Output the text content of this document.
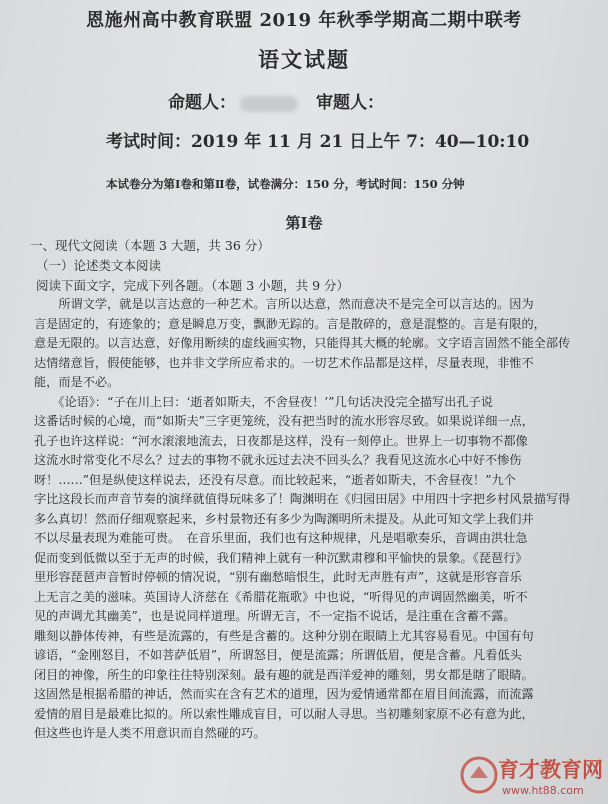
恩施州高中教育联盟 2019 年秋季学期高二期中联考
语文试题
命题人：	审题人：
考试时间：2019 年 11 月 21 日上午 7：40—10:10
本试卷分为第Ⅰ卷和第Ⅱ卷，试卷满分：150 分，考试时间：150 分钟
第Ⅰ卷
一、现代文阅读（本题 3 大题，共 36 分）
（一）论述类文本阅读
阅读下面文字，完成下列各题。（本题 3 小题，共 9 分）
　　所谓文学，就是以言达意的一种艺术。言所以达意，然而意决不是完全可以言达的。因为
言是固定的，有迹象的；意是瞬息万变，飘渺无踪的。言是散碎的，意是混整的。言是有限的，
意是无限的。以言达意，好像用断续的虚线画实物，只能得其大概的轮廓。文字语言固然不能全部传
达情绪意旨，假使能够，也并非文学所应希求的。一切艺术作品都是这样，尽量表现，非惟不
能，而是不必。
　　《论语》：“子在川上曰：‘逝者如斯夫，不舍昼夜！’”几句话决没完全描写出孔子说
这番话时候的心境，而“如斯夫”三字更笼统，没有把当时的流水形容尽致。如果说详细一点，
孔子也许这样说：“河水滚滚地流去，日夜都是这样，没有一刻停止。世界上一切事物不都像
这流水时常变化不尽么？过去的事物不就永远过去决不回头么？我看见这流水心中好不惨伤
呀！……”但是纵使这样说去，还没有尽意。而比较起来，“逝者如斯夫，不舍昼夜！”九个
字比这段长而声音节奏的演绎就值得玩味多了！陶渊明在《归园田居》中用四十字把乡村风景描写得
多么真切！然而仔细观察起来，乡村景物还有多少为陶渊明所未提及。从此可知文学上我们并
不以尽量表现为难能可贵。　在音乐里面，我们也有这种规律，凡是唱歌奏乐，音调由洪壮急
促而变到低微以至于无声的时候，我们精神上就有一种沉默肃穆和平愉快的景象。《琵琶行》
里形容琵琶声音暂时停顿的情况说，“别有幽愁暗恨生，此时无声胜有声”，这就是形容音乐
上无言之美的滋味。英国诗人济慈在《希腊花瓶歌》中也说，“听得见的声调固然幽美，听不
见的声调尤其幽美”，也是说同样道理。所谓无言，不一定指不说话，是注重在含蓄不露。
雕刻以静体传神，有些是流露的，有些是含蓄的。这种分别在眼睛上尤其容易看见。中国有句
谚语，“金刚怒目，不如菩萨低眉”，所谓怒目，便是流露；所谓低眉，便是含蓄。凡看低头
闭目的神像，所生的印象往往特别深刻。最有趣的就是西洋爱神的雕刻，男女都是瞎了眼睛。
这固然是根据希腊的神话，然而实在含有艺术的道理，因为爱情通常都在眉目间流露，而流露
爱情的眉目是最难比拟的。所以索性雕成盲目，可以耐人寻思。当初雕刻家原不必有意为此，
但这些也许是人类不用意识而自然碰的巧。
育才教育网
www.ht88.com
